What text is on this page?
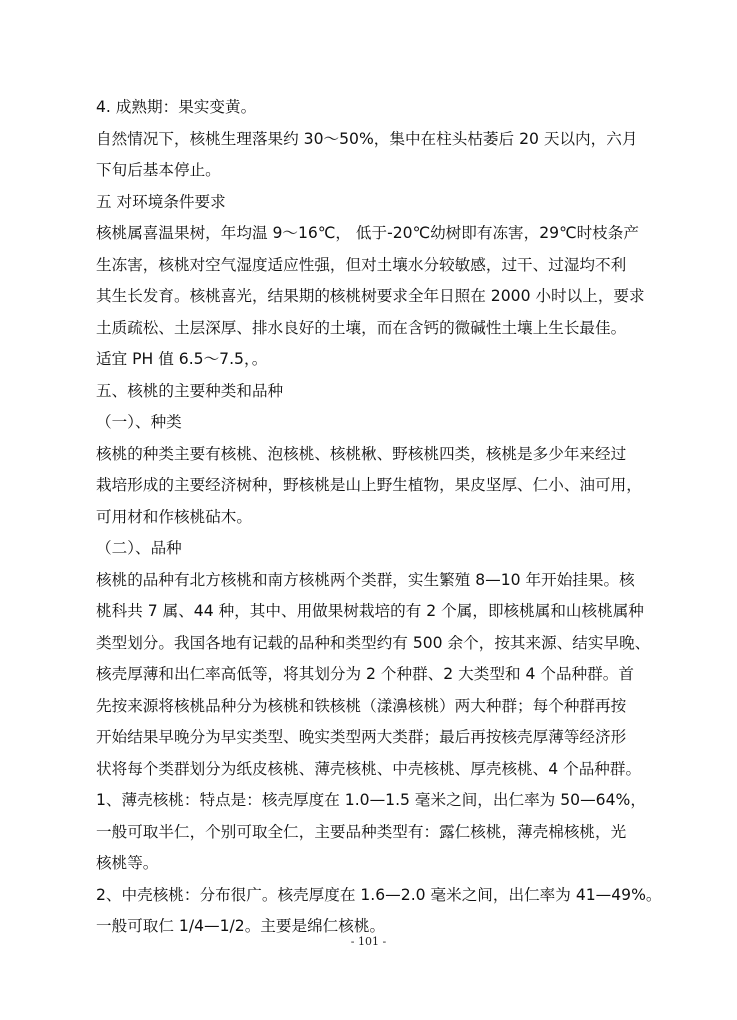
4. 成熟期：果实变黄。
自然情况下，核桃生理落果约 30～50%，集中在柱头枯萎后 20 天以内，六月
下旬后基本停止。
五 对环境条件要求
核桃属喜温果树，年均温 9～16℃， 低于-20℃幼树即有冻害，29℃时枝条产
生冻害，核桃对空气湿度适应性强，但对土壤水分较敏感，过干、过湿均不利
其生长发育。核桃喜光，结果期的核桃树要求全年日照在 2000 小时以上，要求
土质疏松、土层深厚、排水良好的土壤，而在含钙的微碱性土壤上生长最佳。
适宜 PH 值 6.5～7.5，。
五、核桃的主要种类和品种
（一）、种类
核桃的种类主要有核桃、泡核桃、核桃楸、野核桃四类，核桃是多少年来经过
栽培形成的主要经济树种，野核桃是山上野生植物，果皮坚厚、仁小、油可用，
可用材和作核桃砧木。
（二）、品种
核桃的品种有北方核桃和南方核桃两个类群，实生繁殖 8—10 年开始挂果。核
桃科共 7 属、44 种，其中、用做果树栽培的有 2 个属，即核桃属和山核桃属种
类型划分。我国各地有记载的品种和类型约有 500 余个，按其来源、结实早晚、
核壳厚薄和出仁率高低等，将其划分为 2 个种群、2 大类型和 4 个品种群。首
先按来源将核桃品种分为核桃和铁核桃（漾濞核桃）两大种群；每个种群再按
开始结果早晚分为早实类型、晚实类型两大类群；最后再按核壳厚薄等经济形
状将每个类群划分为纸皮核桃、薄壳核桃、中壳核桃、厚壳核桃、4 个品种群。
1、薄壳核桃：特点是：核壳厚度在 1.0—1.5 毫米之间，出仁率为 50—64%，
一般可取半仁，个别可取全仁，主要品种类型有：露仁核桃，薄壳棉核桃，光
核桃等。
2、中壳核桃：分布很广。核壳厚度在 1.6—2.0 毫米之间，出仁率为 41—49%。
一般可取仁 1/4—1/2。主要是绵仁核桃。
- 101 -
